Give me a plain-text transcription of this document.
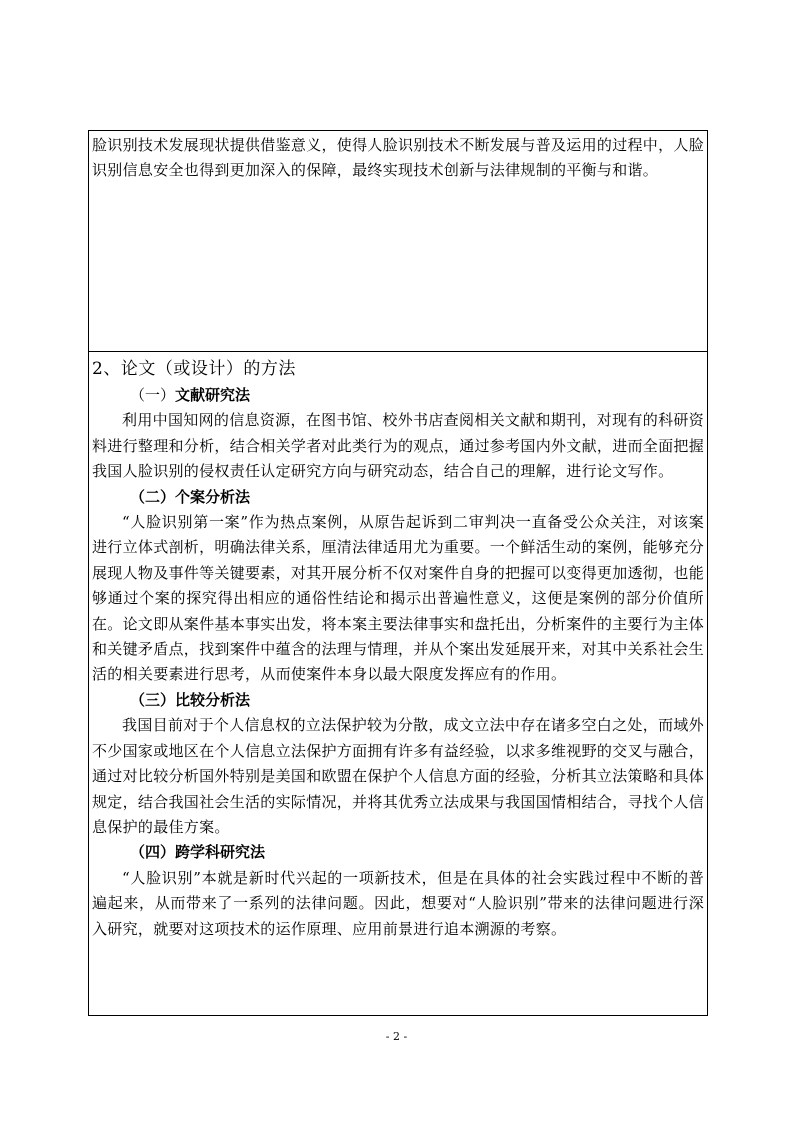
脸识别技术发展现状提供借鉴意义，使得人脸识别技术不断发展与普及运用的过程中，人脸识别信息安全也得到更加深入的保障，最终实现技术创新与法律规制的平衡与和谐。

2、论文（或设计）的方法
（一）文献研究法

利用中国知网的信息资源，在图书馆、校外书店查阅相关文献和期刊，对现有的科研资料进行整理和分析，结合相关学者对此类行为的观点，通过参考国内外文献，进而全面把握我国人脸识别的侵权责任认定研究方向与研究动态，结合自己的理解，进行论文写作。

（二）个案分析法

“人脸识别第一案”作为热点案例，从原告起诉到二审判决一直备受公众关注，对该案进行立体式剖析，明确法律关系，厘清法律适用尤为重要。一个鲜活生动的案例，能够充分展现人物及事件等关键要素，对其开展分析不仅对案件自身的把握可以变得更加透彻，也能够通过个案的探究得出相应的通俗性结论和揭示出普遍性意义，这便是案例的部分价值所在。论文即从案件基本事实出发，将本案主要法律事实和盘托出，分析案件的主要行为主体和关键矛盾点，找到案件中蕴含的法理与情理，并从个案出发延展开来，对其中关系社会生活的相关要素进行思考，从而使案件本身以最大限度发挥应有的作用。

（三）比较分析法

我国目前对于个人信息权的立法保护较为分散，成文立法中存在诸多空白之处，而域外不少国家或地区在个人信息立法保护方面拥有许多有益经验，以求多维视野的交叉与融合，通过对比较分析国外特别是美国和欧盟在保护个人信息方面的经验，分析其立法策略和具体规定，结合我国社会生活的实际情况，并将其优秀立法成果与我国国情相结合，寻找个人信息保护的最佳方案。

（四）跨学科研究法

“人脸识别”本就是新时代兴起的一项新技术，但是在具体的社会实践过程中不断的普遍起来，从而带来了一系列的法律问题。因此，想要对“人脸识别”带来的法律问题进行深入研究，就要对这项技术的运作原理、应用前景进行追本溯源的考察。

- 2 -
